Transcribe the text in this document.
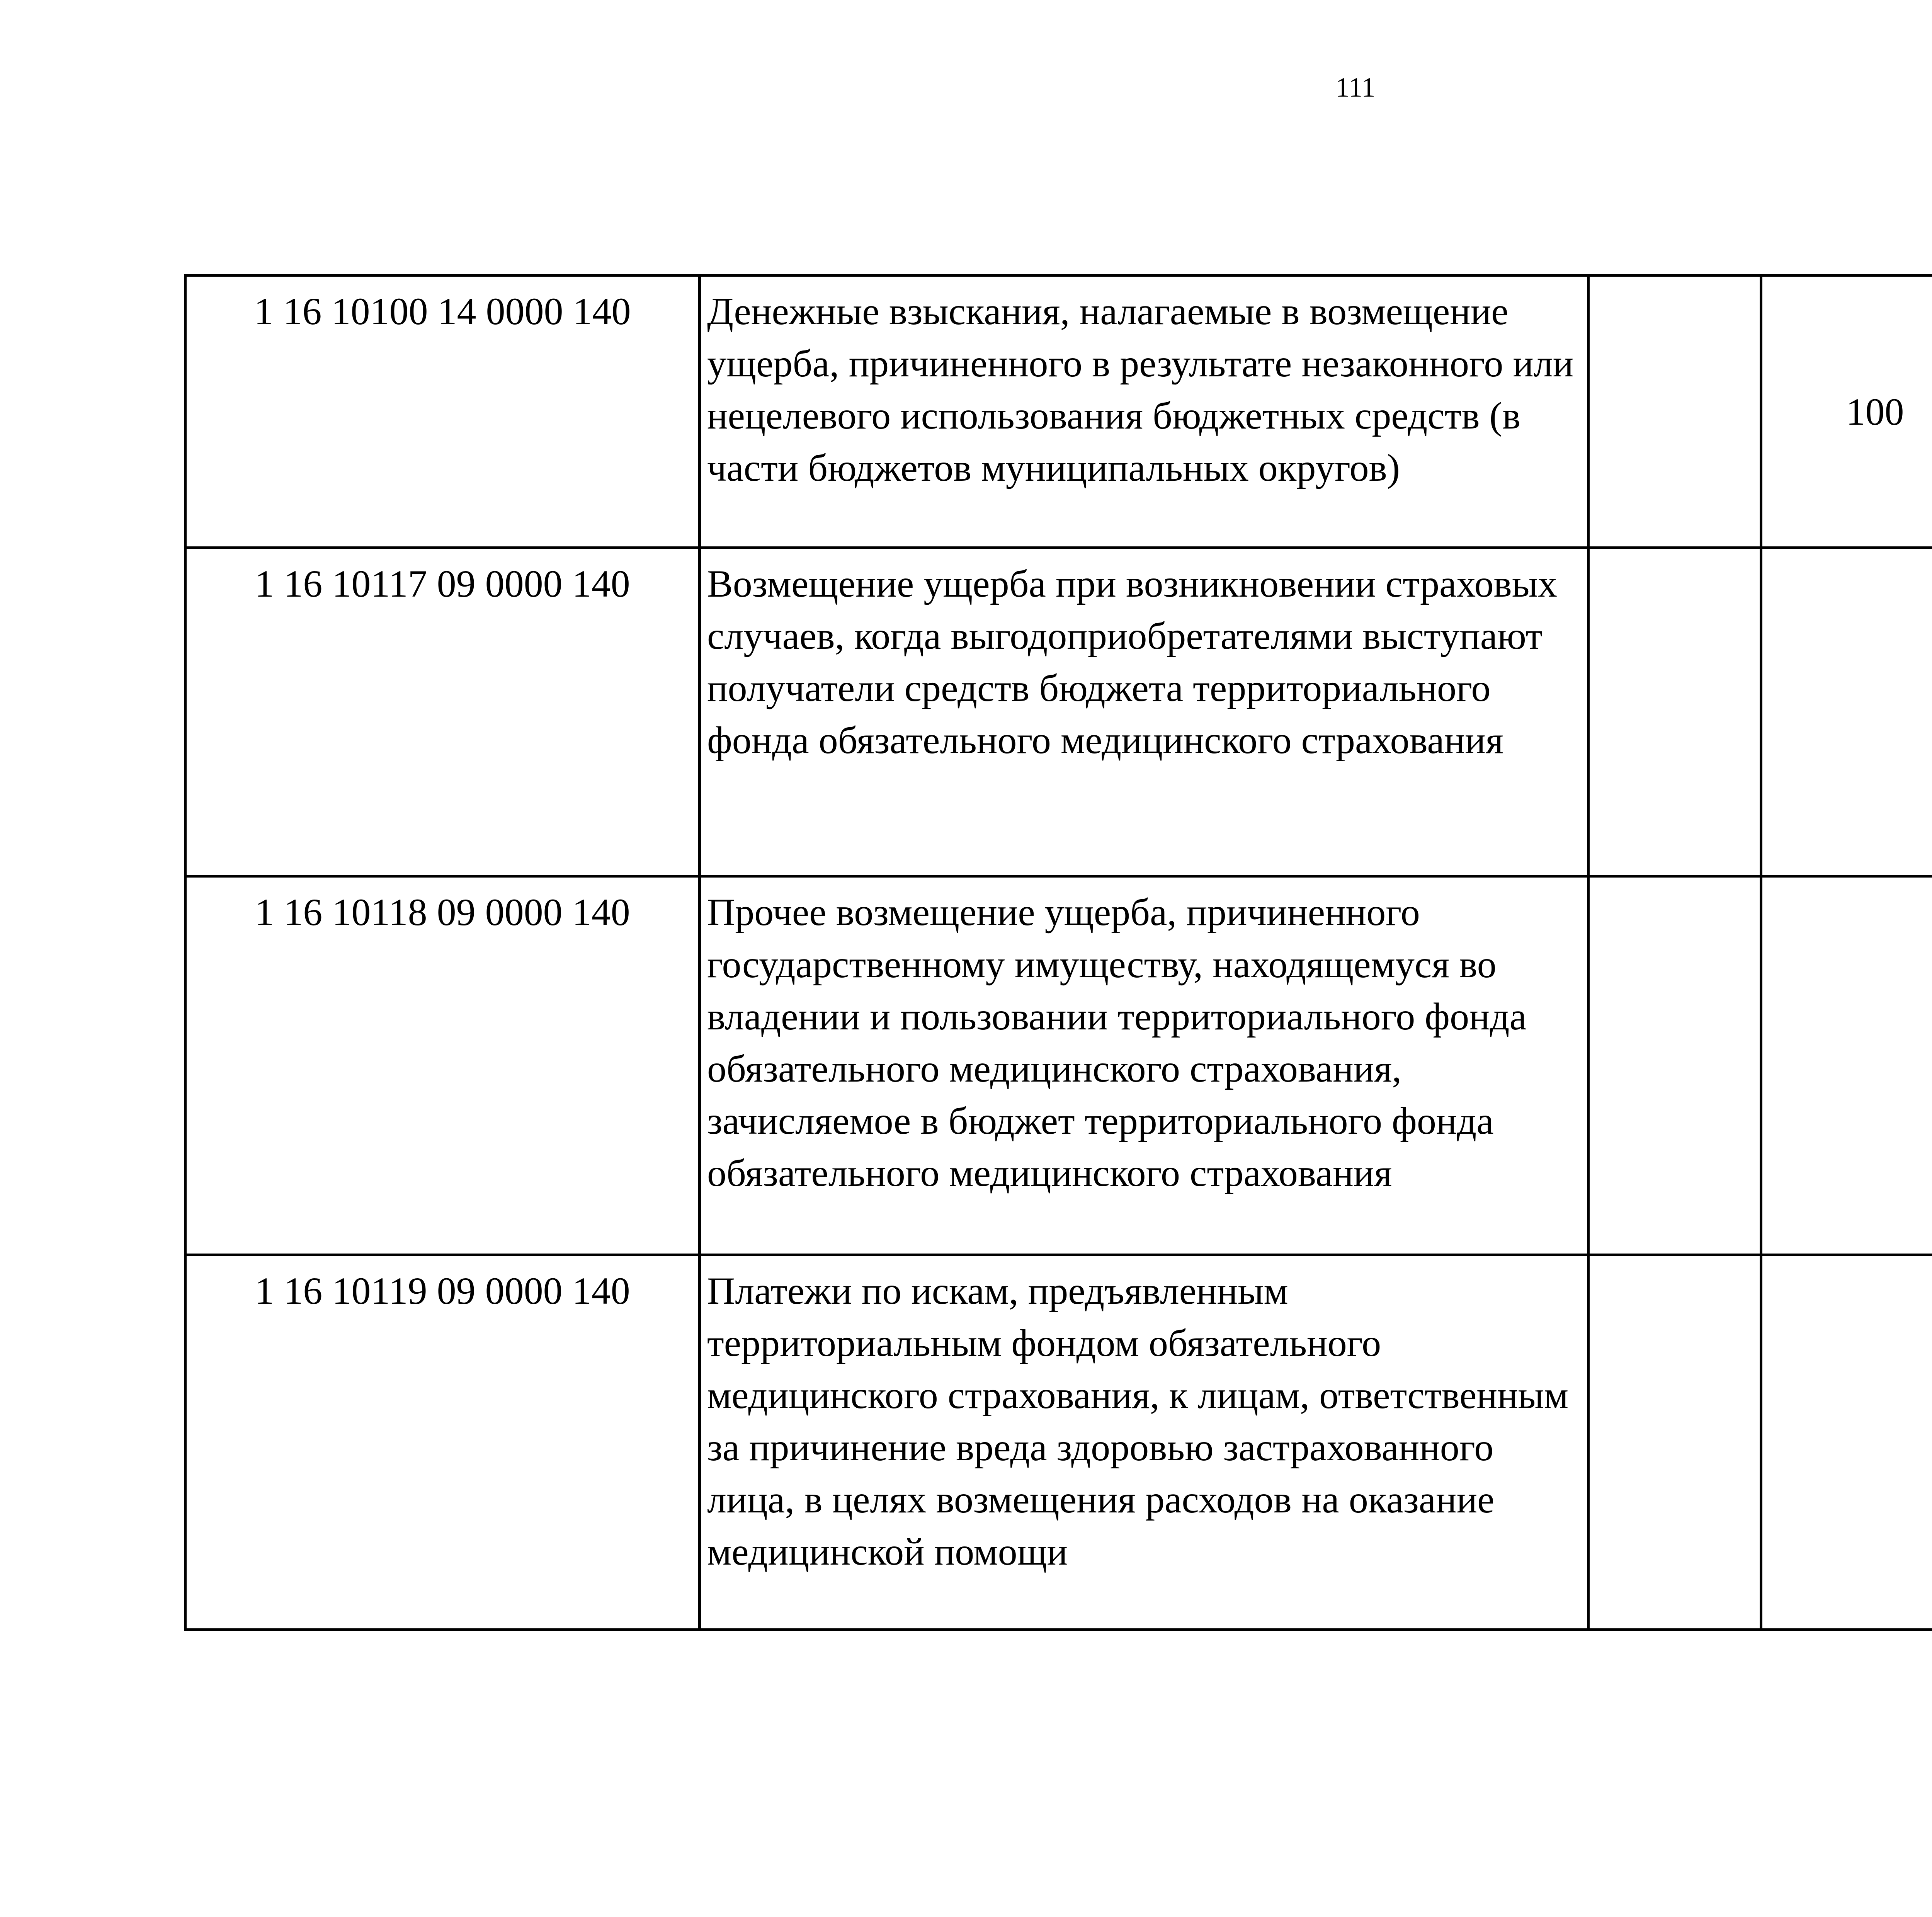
111
1 16 10100 14 0000 140	Денежные взыскания, налагаемые в возмещение ущерба, причиненного в результате незаконного или нецелевого использования бюджетных средств (в части бюджетов муниципальных округов)		100			
1 16 10117 09 0000 140	Возмещение ущерба при возникновении страховых случаев, когда выгодоприобретателями выступают получатели средств бюджета территориального фонда обязательного медицинского страхования					
1 16 10118 09 0000 140	Прочее возмещение ущерба, причиненного государственному имуществу, находящемуся во владении и пользовании территориального фонда обязательного медицинского страхования, зачисляемое в бюджет территориального фонда обязательного медицинского страхования					
1 16 10119 09 0000 140	Платежи по искам, предъявленным территориальным фондом обязательного медицинского страхования, к лицам, ответственным за причинение вреда здоровью застрахованного лица, в целях возмещения расходов на оказание медицинской помощи					
